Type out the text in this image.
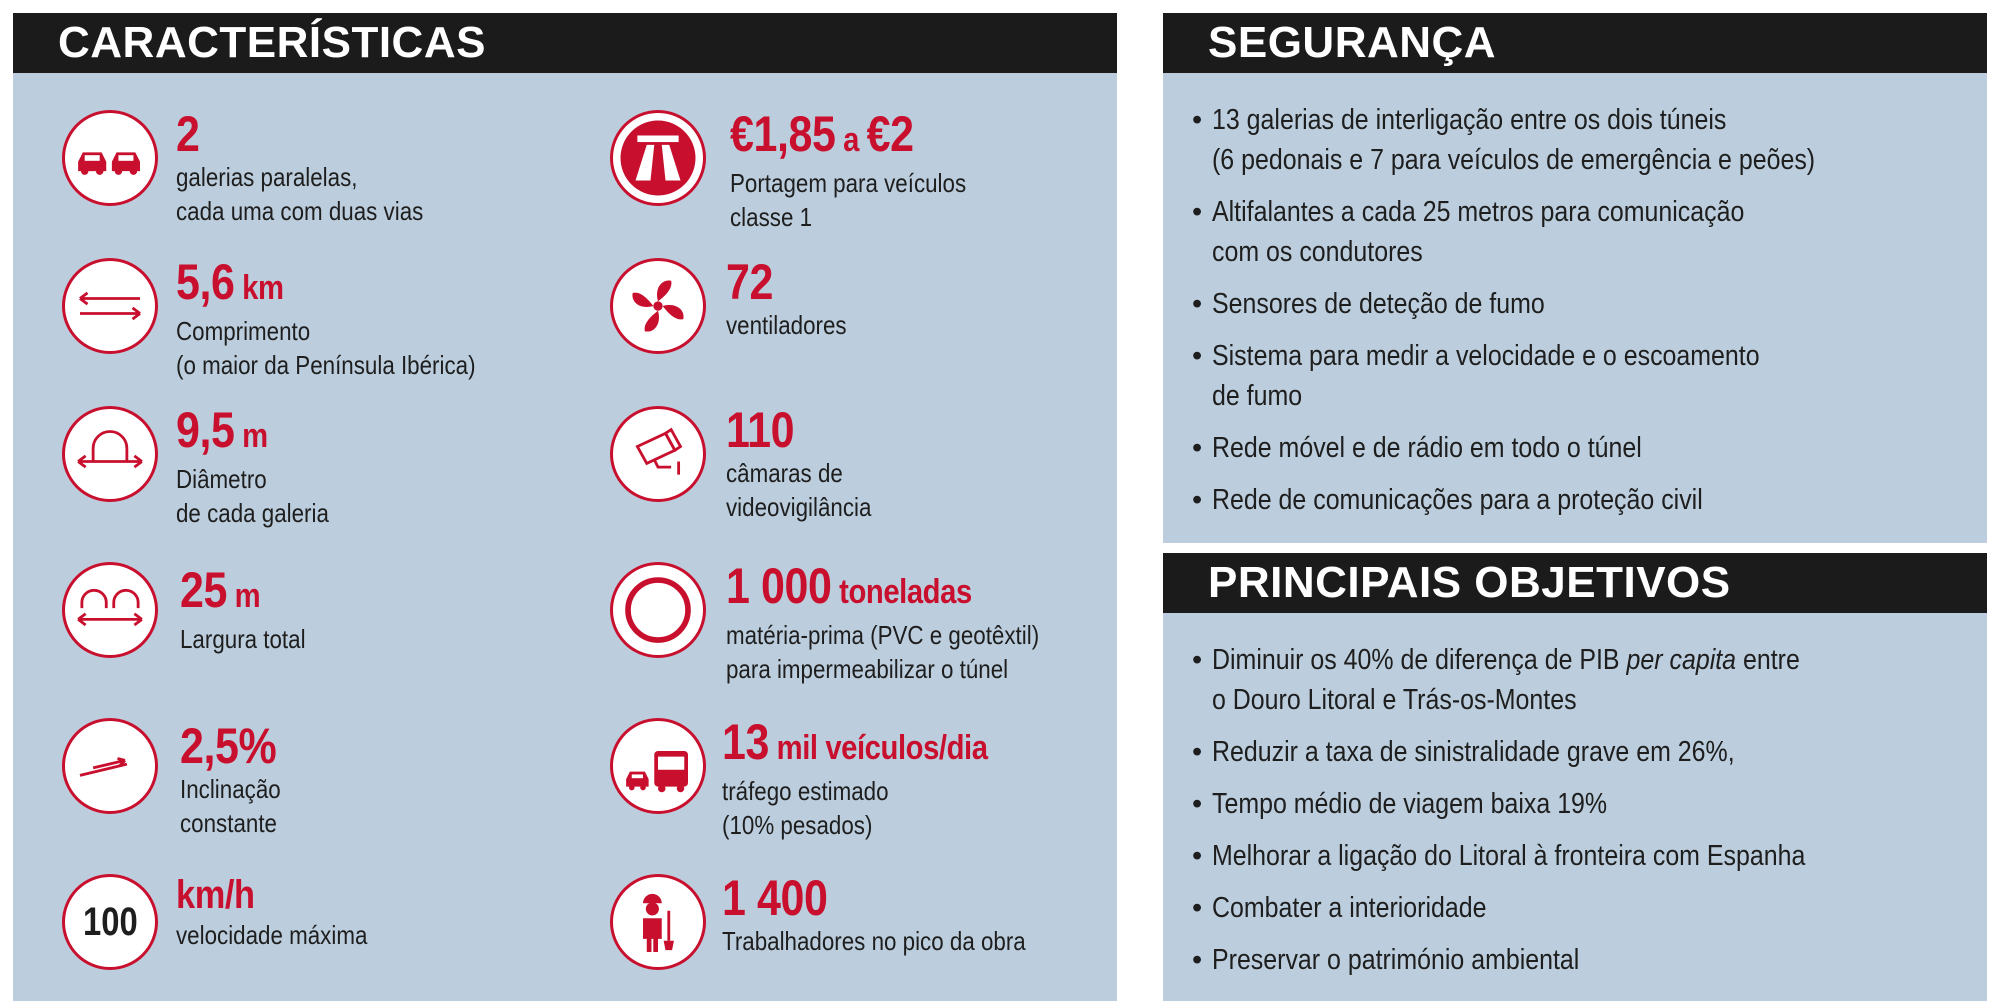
CARACTERÍSTICAS
2
galerias paralelas,
cada uma com duas vias
5,6 km
Comprimento
(o maior da Península Ibérica)
9,5 m
Diâmetro
de cada galeria
25 m
Largura total
2,5%
Inclinação
constante
100
km/h
velocidade máxima
€1,85 a €2
Portagem para veículos
classe 1
72
ventiladores
110
câmaras de
videovigilância
1 000 toneladas
matéria-prima (PVC e geotêxtil)
para impermeabilizar o túnel
13 mil veículos/dia
tráfego estimado
(10% pesados)
1 400
Trabalhadores no pico da obra
SEGURANÇA
• 13 galerias de interligação entre os dois túneis
(6 pedonais e 7 para veículos de emergência e peões)
• Altifalantes a cada 25 metros para comunicação
com os condutores
• Sensores de deteção de fumo
• Sistema para medir a velocidade e o escoamento
de fumo
• Rede móvel e de rádio em todo o túnel
• Rede de comunicações para a proteção civil
PRINCIPAIS OBJETIVOS
• Diminuir os 40% de diferença de PIB per capita entre
o Douro Litoral e Trás-os-Montes
• Reduzir a taxa de sinistralidade grave em 26%,
• Tempo médio de viagem baixa 19%
• Melhorar a ligação do Litoral à fronteira com Espanha
• Combater a interioridade
• Preservar o património ambiental
